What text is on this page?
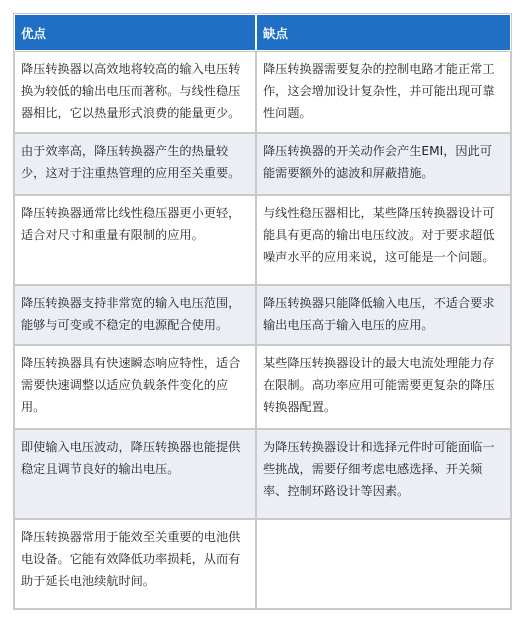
优点	缺点
降压转换器以高效地将较高的输入电压转换为较低的输出电压而著称。与线性稳压器相比，它以热量形式浪费的能量更少。	降压转换器需要复杂的控制电路才能正常工作，这会增加设计复杂性，并可能出现可靠性问题。
由于效率高，降压转换器产生的热量较少，这对于注重热管理的应用至关重要。	降压转换器的开关动作会产生EMI，因此可能需要额外的滤波和屏蔽措施。
降压转换器通常比线性稳压器更小更轻，适合对尺寸和重量有限制的应用。	与线性稳压器相比，某些降压转换器设计可能具有更高的输出电压纹波。对于要求超低噪声水平的应用来说，这可能是一个问题。
降压转换器支持非常宽的输入电压范围，能够与可变或不稳定的电源配合使用。	降压转换器只能降低输入电压，不适合要求输出电压高于输入电压的应用。
降压转换器具有快速瞬态响应特性，适合需要快速调整以适应负载条件变化的应用。	某些降压转换器设计的最大电流处理能力存在限制。高功率应用可能需要更复杂的降压转换器配置。
即使输入电压波动，降压转换器也能提供稳定且调节良好的输出电压。	为降压转换器设计和选择元件时可能面临一些挑战，需要仔细考虑电感选择、开关频率、控制环路设计等因素。
降压转换器常用于能效至关重要的电池供电设备。它能有效降低功率损耗，从而有助于延长电池续航时间。	
